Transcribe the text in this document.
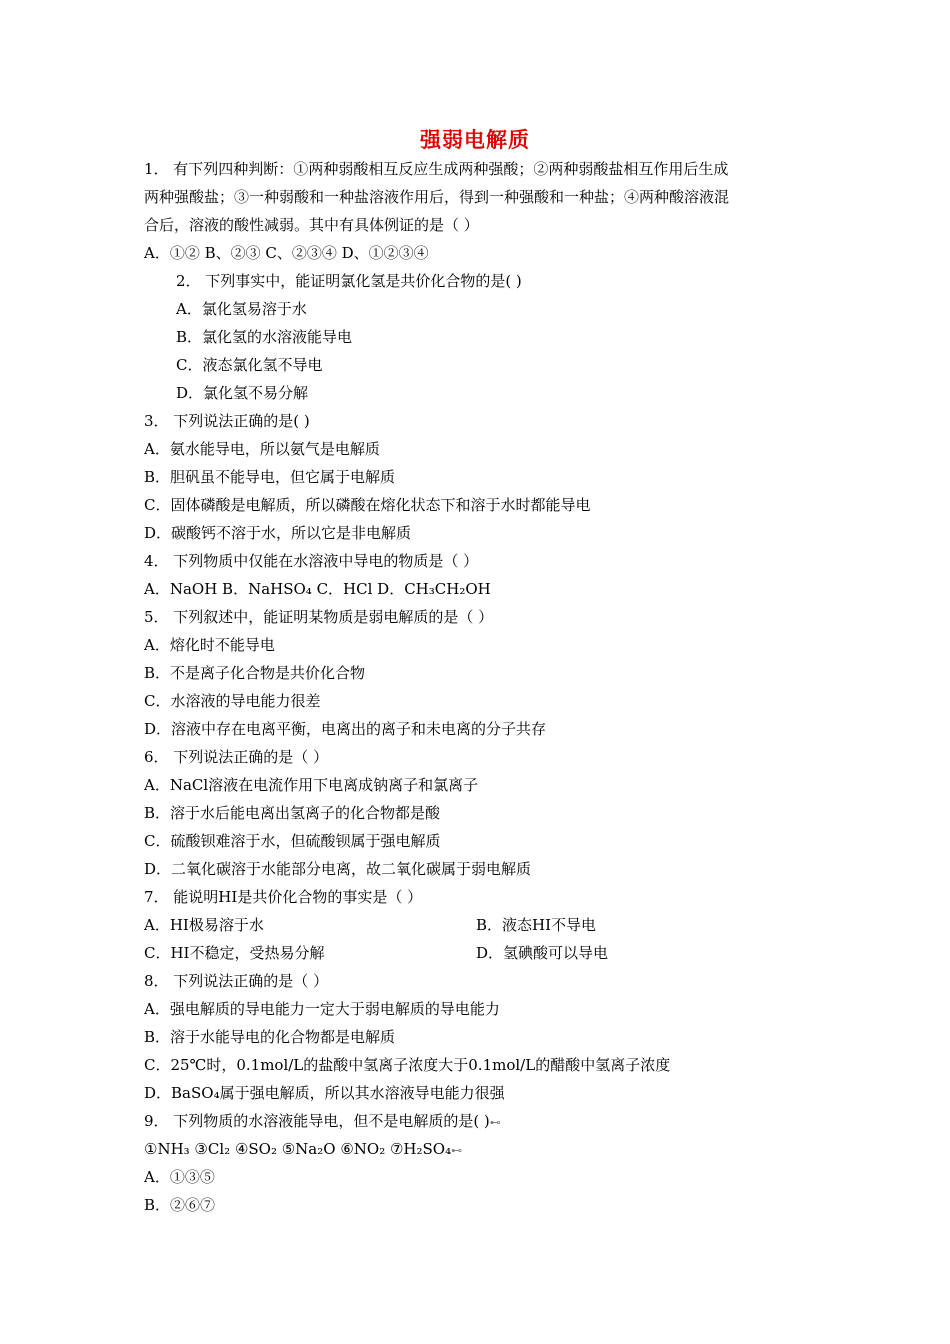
强弱电解质
1． 有下列四种判断：①两种弱酸相互反应生成两种强酸；②两种弱酸盐相互作用后生成
两种强酸盐；③一种弱酸和一种盐溶液作用后，得到一种强酸和一种盐；④两种酸溶液混
合后，溶液的酸性减弱。其中有具体例证的是（ ）
A．①② B、②③ C、②③④ D、①②③④
2． 下列事实中，能证明氯化氢是共价化合物的是( )
A．氯化氢易溶于水
B．氯化氢的水溶液能导电
C．液态氯化氢不导电
D．氯化氢不易分解
3． 下列说法正确的是( )
A．氨水能导电，所以氨气是电解质
B．胆矾虽不能导电，但它属于电解质
C．固体磷酸是电解质，所以磷酸在熔化状态下和溶于水时都能导电
D．碳酸钙不溶于水，所以它是非电解质
4． 下列物质中仅能在水溶液中导电的物质是（ ）
A．NaOH B．NaHSO₄ C．HCl D．CH₃CH₂OH
5． 下列叙述中，能证明某物质是弱电解质的是（ ）
A．熔化时不能导电
B．不是离子化合物是共价化合物
C．水溶液的导电能力很差
D．溶液中存在电离平衡，电离出的离子和未电离的分子共存
6． 下列说法正确的是（ ）
A．NaCl溶液在电流作用下电离成钠离子和氯离子
B．溶于水后能电离出氢离子的化合物都是酸
C．硫酸钡难溶于水，但硫酸钡属于强电解质
D．二氧化碳溶于水能部分电离，故二氧化碳属于弱电解质
7． 能说明HI是共价化合物的事实是（ ）
A．HI极易溶于水	B．液态HI不导电
C．HI不稳定，受热易分解	D．氢碘酸可以导电
8． 下列说法正确的是（ ）
A．强电解质的导电能力一定大于弱电解质的导电能力
B．溶于水能导电的化合物都是电解质
C．25℃时，0.1mol/L的盐酸中氢离子浓度大于0.1mol/L的醋酸中氢离子浓度
D．BaSO₄属于强电解质，所以其水溶液导电能力很强
9． 下列物质的水溶液能导电，但不是电解质的是( )⊷
①NH₃ ③Cl₂ ④SO₂ ⑤Na₂O ⑥NO₂ ⑦H₂SO₄⊷
A．①③⑤
B．②⑥⑦
